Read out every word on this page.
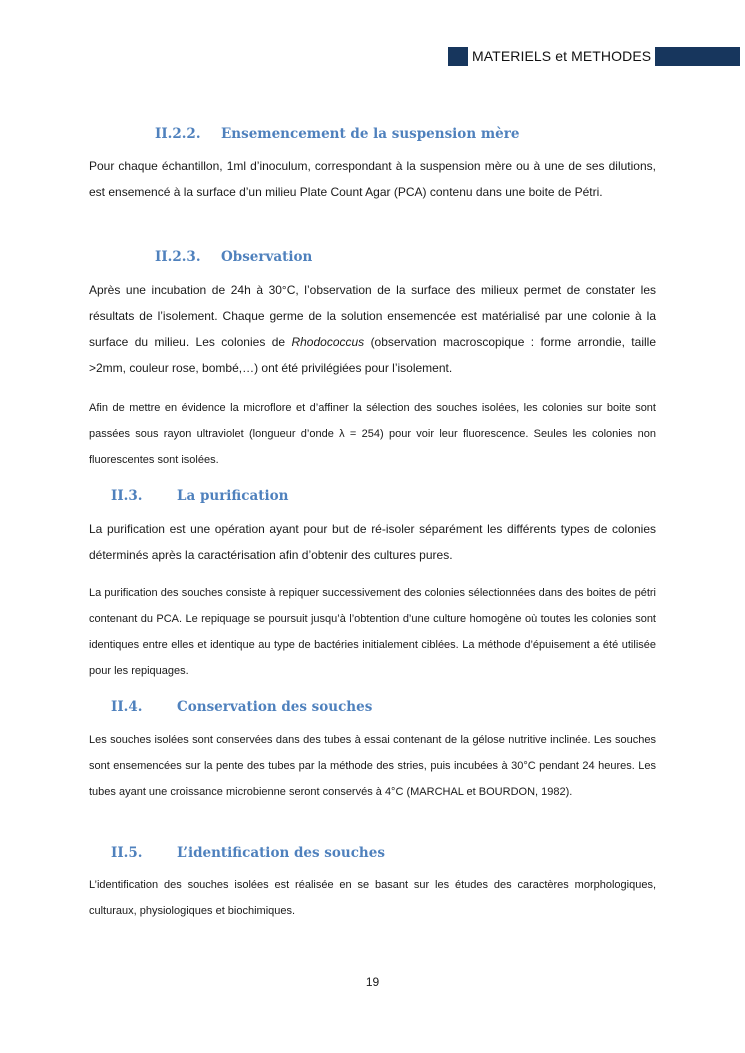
MATERIELS et METHODES
II.2.2. Ensemencement de la suspension mère

Pour chaque échantillon, 1ml d’inoculum, correspondant à la suspension mère ou à une de ses dilutions, est ensemencé à la surface d’un milieu Plate Count Agar (PCA) contenu dans une boite de Pétri.

II.2.3. Observation

Après une incubation de 24h à 30°C, l’observation de la surface des milieux permet de constater les résultats de l’isolement. Chaque germe de la solution ensemencée est matérialisé par une colonie à la surface du milieu. Les colonies de Rhodococcus (observation macroscopique : forme arrondie, taille >2mm, couleur rose, bombé,…) ont été privilégiées pour l’isolement.

Afin de mettre en évidence la microflore et d’affiner la sélection des souches isolées, les colonies sur boite sont passées sous rayon ultraviolet (longueur d’onde λ = 254) pour voir leur fluorescence. Seules les colonies non fluorescentes sont isolées.

II.3.	La purification

La purification est une opération ayant pour but de ré-isoler séparément les différents types de colonies déterminés après la caractérisation afin d’obtenir des cultures pures.

La purification des souches consiste à repiquer successivement des colonies sélectionnées dans des boites de pétri contenant du PCA. Le repiquage se poursuit jusqu’à l’obtention d’une culture homogène où toutes les colonies sont identiques entre elles et identique au type de bactéries initialement ciblées. La méthode d’épuisement a été utilisée pour les repiquages.

II.4.	Conservation des souches

Les souches isolées sont conservées dans des tubes à essai contenant de la gélose nutritive inclinée. Les souches sont ensemencées sur la pente des tubes par la méthode des stries, puis incubées à 30°C pendant 24 heures. Les tubes ayant une croissance microbienne seront conservés à 4°C (MARCHAL et BOURDON, 1982).

II.5.	L’identification des souches

L’identification des souches isolées est réalisée en se basant sur les études des caractères morphologiques, culturaux, physiologiques et biochimiques.

19
